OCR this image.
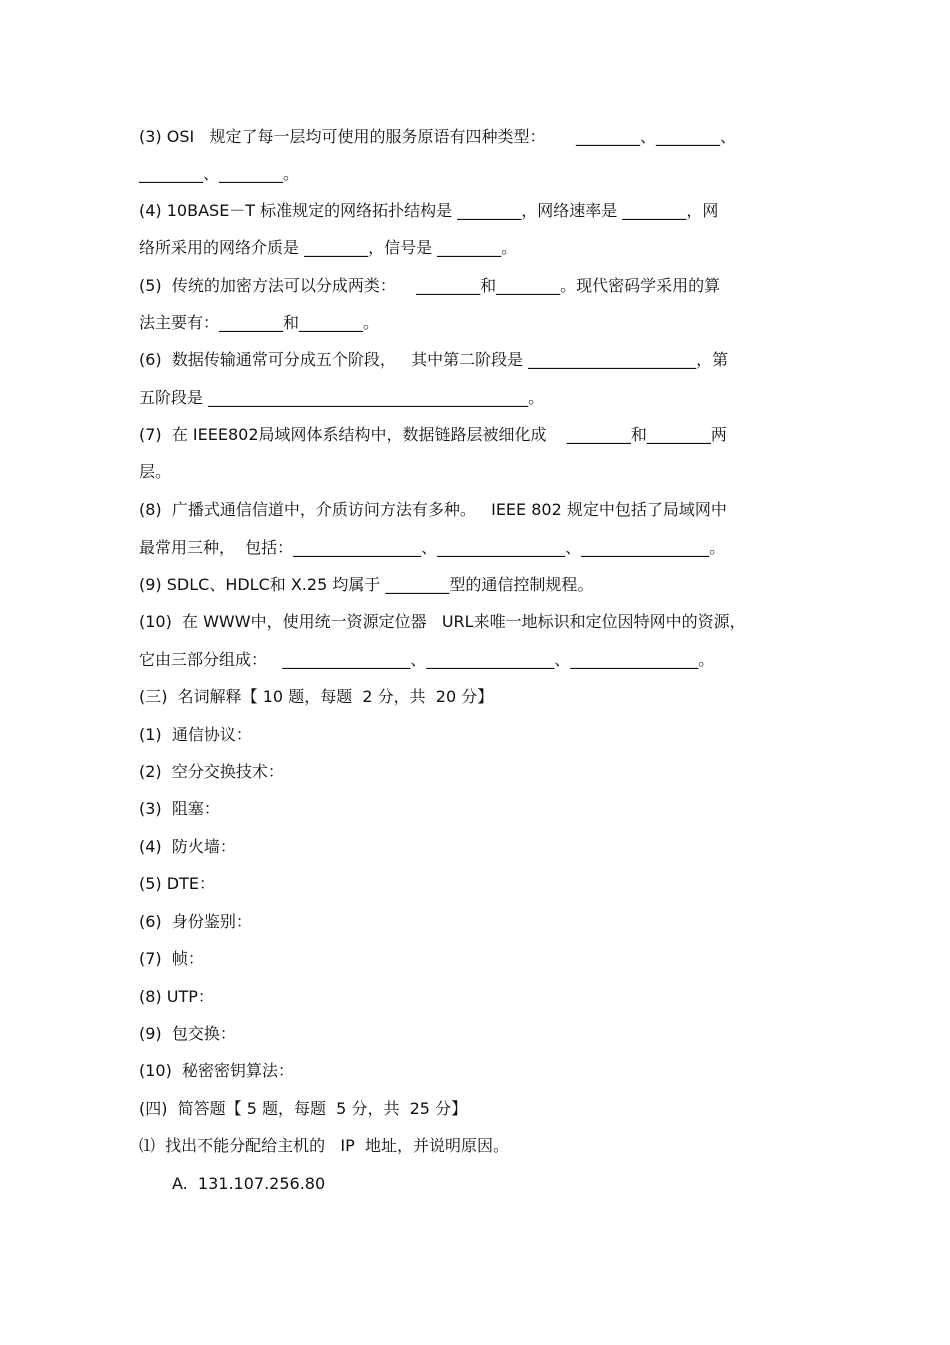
(3) OSI   规定了每一层均可使用的服务原语有四种类型：      ________、________、
________、________。
(4) 10BASE－T 标准规定的网络拓扑结构是 ________，网络速率是 ________，网
络所采用的网络介质是 ________，信号是 ________。
(5)  传统的加密方法可以分成两类：    ________和________。现代密码学采用的算
法主要有：________和________。
(6)  数据传输通常可分成五个阶段，   其中第二阶段是 _____________________，第
五阶段是 ________________________________________。
(7)  在 IEEE802局域网体系结构中，数据链路层被细化成    ________和________两
层。
(8)  广播式通信信道中，介质访问方法有多种。   IEEE 802 规定中包括了局域网中
最常用三种，  包括：________________、________________、________________。
(9) SDLC、HDLC和 X.25 均属于 ________型的通信控制规程。
(10)  在 WWW中，使用统一资源定位器   URL来唯一地标识和定位因特网中的资源，
它由三部分组成：   ________________、________________、________________。
(三)  名词解释【 10 题，每题  2 分，共  20 分】
(1)  通信协议：
(2)  空分交换技术：
(3)  阻塞：
(4)  防火墙：
(5) DTE：
(6)  身份鉴别：
(7)  帧：
(8) UTP：
(9)  包交换：
(10)  秘密密钥算法：
(四)  简答题【 5 题，每题  5 分，共  25 分】
⑴  找出不能分配给主机的   IP  地址，并说明原因。
A.  131.107.256.80
